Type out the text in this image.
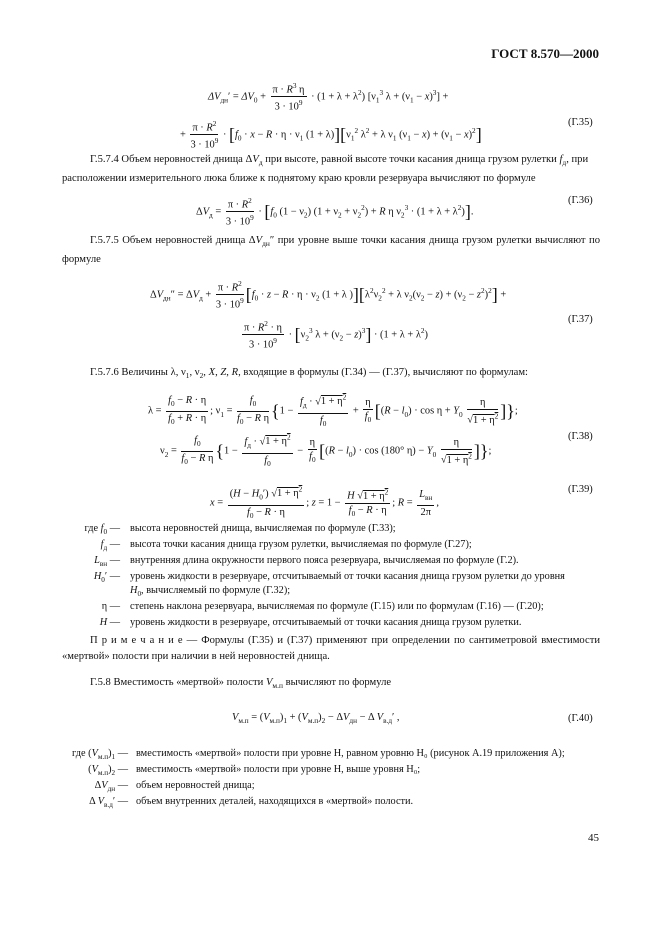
ГОСТ 8.570—2000
$\Delta V_{дн}' = \Delta V_0 + \frac{\pi \cdot R^3 \eta}{3 \cdot 10^9} \cdot (1 + \lambda + \lambda^2)$ [$\nu_1^3$ $\lambda + (\nu_1 - x)^3$] +
+ $\frac{\pi \cdot R^2}{3 \cdot 10^9} \cdot [f_0 \cdot x - R \cdot \eta \cdot \nu_1$ $(1 + \lambda)][\nu_1^2$ $\lambda^2 + \lambda$ $\nu_1$ $(\nu_1 - x) + (\nu_1 - x)^2$]
(Г.35)
Г.5.7.4 Объем неровностей днища $\Delta V_д$ при высоте, равной высоте точки касания днища грузом рулетки $f_д$, при расположении измерительного люка ближе к поднятому краю кровли резервуара вычисляют по формуле
$\Delta V_д = \frac{\pi \cdot R^2}{3 \cdot 10^9} \cdot [f_0$ $(1 - \nu_2)$ $(1 + \nu_2 + \nu_2^2) + R$ η $\nu_2^3 \cdot (1 + \lambda + \lambda^2)$].
(Г.36)
Г.5.7.5 Объем неровностей днища $\Delta V_{дн}''$ при уровне выше точки касания днища грузом рулетки вычисляют по формуле
$\Delta V_{дн}'' = \Delta V_д + \frac{\pi \cdot R^2}{3 \cdot 10^9} [f_0 \cdot z - R \cdot \eta \cdot \nu_2$ (1 + λ )][$\lambda^2\nu_2^2 + \lambda$ $\nu_2(\nu_2 - z) + (\nu_2 - z^2)^2$] +
$\frac{\pi \cdot R^2 \cdot \eta}{3 \cdot 10^9} \cdot [\nu_2^3$ $\lambda + (\nu_2 - z)^3] \cdot (1 + \lambda + \lambda^2)$
(Г.37)
Г.5.7.6 Величины λ, $\nu_1$, $\nu_2$, X, Z, R, входящие в формулы (Г.34) — (Г.37), вычисляют по формулам:
$\lambda = \frac{f_0 - R \cdot \eta}{f_0 + R \cdot \eta}$ ; $\nu_1 = \frac{f_0}{f_0 - R \eta} \{1 - \frac{f_д \cdot √1 + \eta^2}{f_0} + \frac{\eta}{f_0} [(R - l_0) \cdot \cos \eta + Y_0 \frac{\eta}{√1 + \eta^2}$ ]};
$\nu_2 = \frac{f_0}{f_0 - R \eta} \{1 - \frac{f_д \cdot √1 + \eta^2}{f_0} - \frac{\eta}{f_0} [(R - l_0) \cdot \cos (180^\circ$ $\eta) - Y_0 \frac{\eta}{√1 + \eta^2}$ ]};
(Г.38)
$x = \frac{(H - H_0') √1 + \eta^2}{f_0 - R \cdot \eta}$ ; $z = 1 - \frac{H √1 + \eta^2}{f_0 - R \cdot \eta}$ ; $R = \frac{L_{вн}}{2\pi}$ ,
(Г.39)
где $f_0$ — высота неровностей днища, вычисляемая по формуле (Г.33);
$f_д$ — высота точки касания днища грузом рулетки, вычисляемая по формуле (Г.27);
$L_{вн}$ — внутренняя длина окружности первого пояса резервуара, вычисляемая по формуле (Г.2).
$H_0'$ — уровень жидкости в резервуаре, отсчитываемый от точки касания днища грузом рулетки до уровня
$H_0$, вычисляемый по формуле (Г.32);
η — степень наклона резервуара, вычисляемая по формуле (Г.15) или по формулам (Г.16) — (Г.20);
H — уровень жидкости в резервуаре, отсчитываемый от точки касания днища грузом рулетки.
П р и м е ч а н и е — Формулы (Г.35) и (Г.37) применяют при определении по сантиметровой вместимости «мертвой» полости при наличии в ней неровностей днища.
Г.5.8 Вместимость «мертвой» полости $V_{м.п}$ вычисляют по формуле
$V_{м.п} = (V_{м.п})_1 + (V_{м.п})_2 - \Delta V_{дн} - \Delta$ $V_{в.д}'$ ,	(Г.40)
где $(V_{м.п})_1$ — вместимость «мертвой» полости при уровне H, равном уровню H₀ (рисунок А.19 приложения А);
$(V_{м.п})_2$ — вместимость «мертвой» полости при уровне H, выше уровня H₀;
$\Delta V_{дн}$ — объем неровностей днища;
Δ $V_{в.д}'$ — объем внутренних деталей, находящихся в «мертвой» полости.
45
